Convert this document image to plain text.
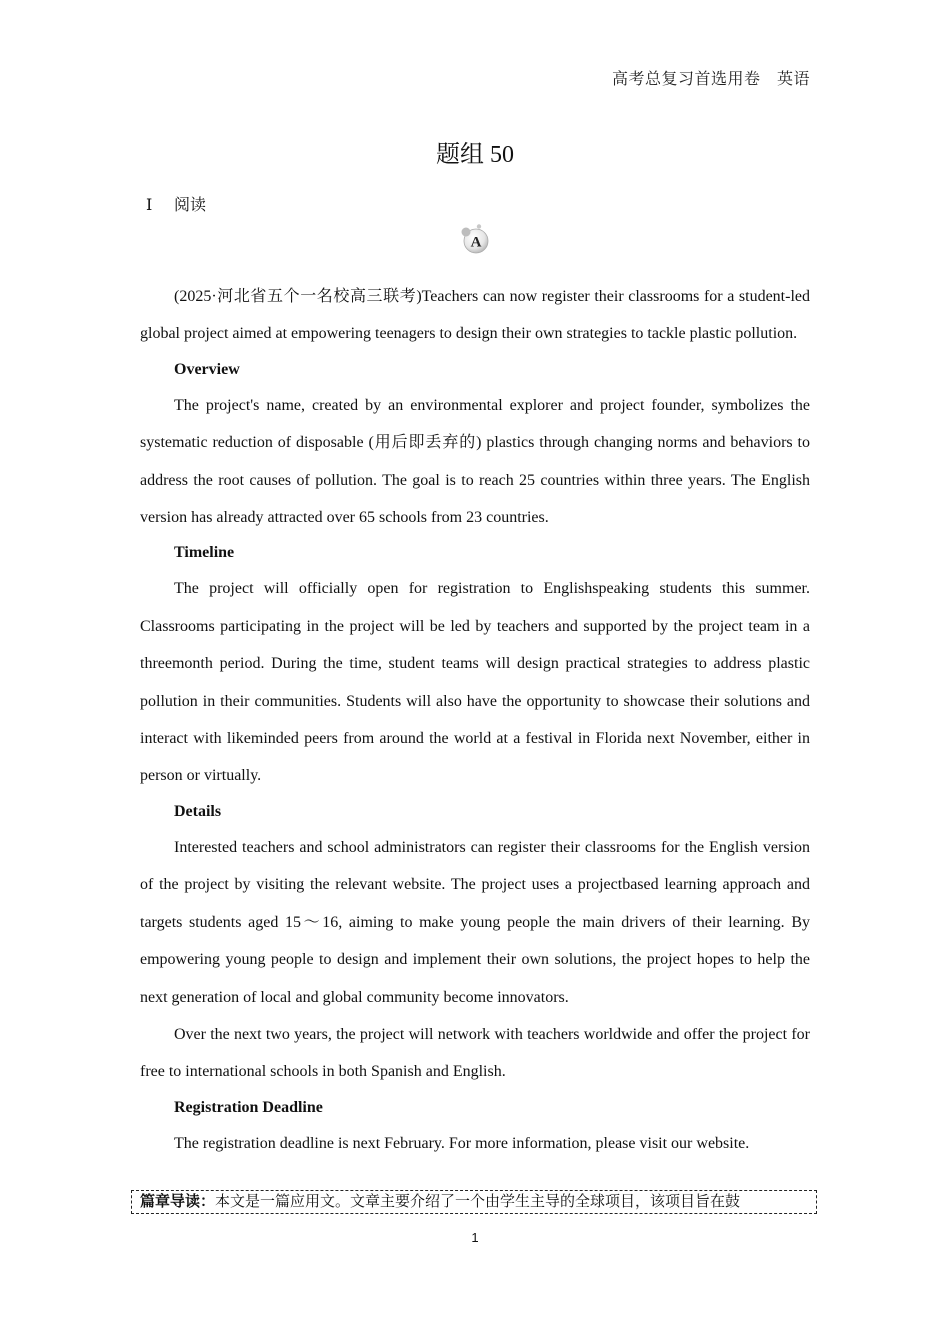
高考总复习首选用卷　英语
题组 50
Ⅰ 阅读
A

(2025·河北省五个一名校高三联考)Teachers can now register their classrooms for a student-led global project aimed at empowering teenagers to design their own strategies to tackle plastic pollution.

Overview

The project's name, created by an environmental explorer and project founder, symbolizes the systematic reduction of disposable (用后即丢弃的) plastics through changing norms and behaviors to address the root causes of pollution. The goal is to reach 25 countries within three years. The English version has already attracted over 65 schools from 23 countries.

Timeline

The project will officially open for registration to Englishspeaking students this summer. Classrooms participating in the project will be led by teachers and supported by the project team in a threemonth period. During the time, student teams will design practical strategies to address plastic pollution in their communities. Students will also have the opportunity to showcase their solutions and interact with likeminded peers from around the world at a festival in Florida next November, either in person or virtually.

Details

Interested teachers and school administrators can register their classrooms for the English version of the project by visiting the relevant website. The project uses a projectbased learning approach and targets students aged 15～16, aiming to make young people the main drivers of their learning. By empowering young people to design and implement their own solutions, the project hopes to help the next generation of local and global community become innovators.

Over the next two years, the project will network with teachers worldwide and offer the project for free to international schools in both Spanish and English.

Registration Deadline

The registration deadline is next February. For more information, please visit our website.

篇章导读：本文是一篇应用文。文章主要介绍了一个由学生主导的全球项目，该项目旨在鼓
1
